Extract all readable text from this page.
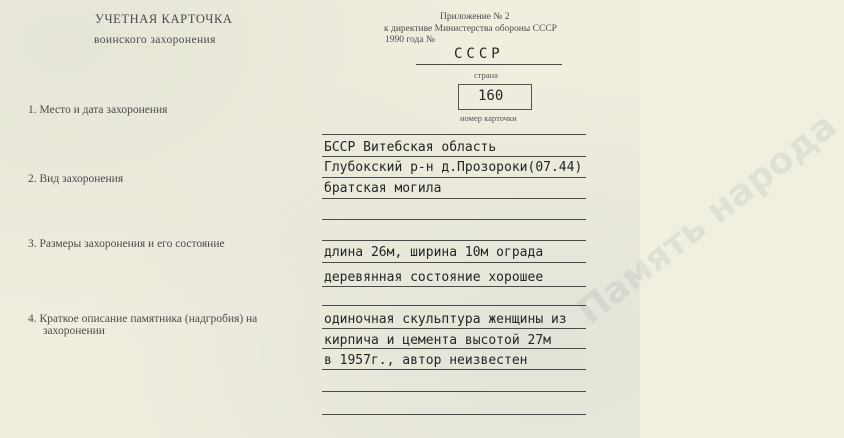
Память народа
УЧЕТНАЯ КАРТОЧКА
воинского захоронения
Приложение № 2
к директиве Министерства обороны СССР
1990 года №
СССР
страна
160
номер карточки
1. Место и дата захоронения
2. Вид захоронения
3. Размеры захоронения и его состояние
4. Краткое описание памятника (надгробия) на
захоронении
БССР Витебская область
Глубокский р-н д.Прозороки(07.44)
братская могила
длина 26м, ширина 10м ограда
деревянная состояние хорошее
одиночная скульптура женщины из
кирпича и цемента высотой 27м
в 1957г., автор неизвестен
